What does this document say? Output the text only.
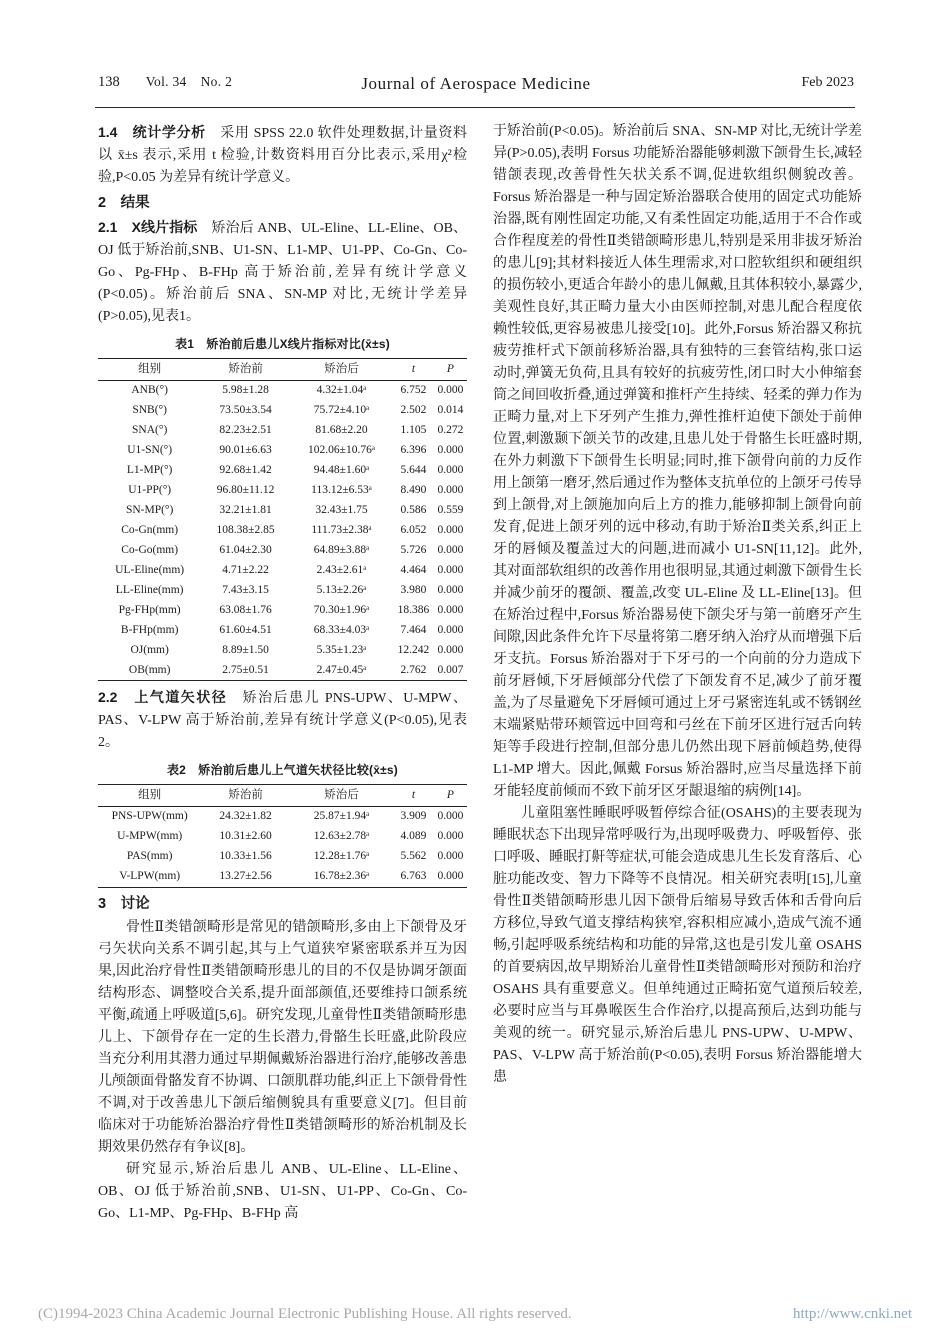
Journal of Aerospace Medicine
138 Vol. 34 No. 2	Feb 2023

1.4　统计学分析　采用 SPSS 22.0 软件处理数据,计量资料以 x̄±s 表示,采用 t 检验,计数资料用百分比表示,采用χ²检验,P<0.05 为差异有统计学意义。

2　结果

2.1　X线片指标　矫治后 ANB、UL-Eline、LL-Eline、OB、OJ 低于矫治前,SNB、U1-SN、L1-MP、U1-PP、Co-Gn、Co-Go、Pg-FHp、B-FHp 高于矫治前,差异有统计学意义(P<0.05)。矫治前后 SNA、SN-MP 对比,无统计学差异(P>0.05),见表1。

表1　矫治前后患儿X线片指标对比(x̄±s)
组别	矫治前	矫治后	t	P
ANB(°)	5.98±1.28	4.32±1.04ᵃ	6.752	0.000
SNB(°)	73.50±3.54	75.72±4.10ᵃ	2.502	0.014
SNA(°)	82.23±2.51	81.68±2.20	1.105	0.272
U1-SN(°)	90.01±6.63	102.06±10.76ᵃ	6.396	0.000
L1-MP(°)	92.68±1.42	94.48±1.60ᵃ	5.644	0.000
U1-PP(°)	96.80±11.12	113.12±6.53ᵃ	8.490	0.000
SN-MP(°)	32.21±1.81	32.43±1.75	0.586	0.559
Co-Gn(mm)	108.38±2.85	111.73±2.38ᵃ	6.052	0.000
Co-Go(mm)	61.04±2.30	64.89±3.88ᵃ	5.726	0.000
UL-Eline(mm)	4.71±2.22	2.43±2.61ᵃ	4.464	0.000
LL-Eline(mm)	7.43±3.15	5.13±2.26ᵃ	3.980	0.000
Pg-FHp(mm)	63.08±1.76	70.30±1.96ᵃ	18.386	0.000
B-FHp(mm)	61.60±4.51	68.33±4.03ᵃ	7.464	0.000
OJ(mm)	8.89±1.50	5.35±1.23ᵃ	12.242	0.000
OB(mm)	2.75±0.51	2.47±0.45ᵃ	2.762	0.007

2.2　上气道矢状径　矫治后患儿 PNS-UPW、U-MPW、PAS、V-LPW 高于矫治前,差异有统计学意义(P<0.05),见表2。

表2　矫治前后患儿上气道矢状径比较(x̄±s)
组别	矫治前	矫治后	t	P
PNS-UPW(mm)	24.32±1.82	25.87±1.94ᵃ	3.909	0.000
U-MPW(mm)	10.31±2.60	12.63±2.78ᵃ	4.089	0.000
PAS(mm)	10.33±1.56	12.28±1.76ᵃ	5.562	0.000
V-LPW(mm)	13.27±2.56	16.78±2.36ᵃ	6.763	0.000
3　讨论

骨性Ⅱ类错颌畸形是常见的错颌畸形,多由上下颌骨及牙弓矢状向关系不调引起,其与上气道狭窄紧密联系并互为因果,因此治疗骨性Ⅱ类错颌畸形患儿的目的不仅是协调牙颌面结构形态、调整咬合关系,提升面部颜值,还要维持口颌系统平衡,疏通上呼吸道[5,6]。研究发现,儿童骨性Ⅱ类错颌畸形患儿上、下颌骨存在一定的生长潜力,骨骼生长旺盛,此阶段应当充分利用其潜力通过早期佩戴矫治器进行治疗,能够改善患儿颅颌面骨骼发育不协调、口颌肌群功能,纠正上下颌骨骨性不调,对于改善患儿下颌后缩侧貌具有重要意义[7]。但目前临床对于功能矫治器治疗骨性Ⅱ类错颌畸形的矫治机制及长期效果仍然存有争议[8]。

研究显示,矫治后患儿 ANB、UL-Eline、LL-Eline、OB、OJ 低于矫治前,SNB、U1-SN、U1-PP、Co-Gn、Co-Go、L1-MP、Pg-FHp、B-FHp 高

于矫治前(P<0.05)。矫治前后 SNA、SN-MP 对比,无统计学差异(P>0.05),表明 Forsus 功能矫治器能够刺激下颌骨生长,减轻错颌表现,改善骨性矢状关系不调,促进软组织侧貌改善。Forsus 矫治器是一种与固定矫治器联合使用的固定式功能矫治器,既有刚性固定功能,又有柔性固定功能,适用于不合作或合作程度差的骨性Ⅱ类错颌畸形患儿,特别是采用非拔牙矫治的患儿[9];其材料接近人体生理需求,对口腔软组织和硬组织的损伤较小,更适合年龄小的患儿佩戴,且其体积较小,暴露少,美观性良好,其正畸力量大小由医师控制,对患儿配合程度依赖性较低,更容易被患儿接受[10]。此外,Forsus 矫治器又称抗疲劳推杆式下颌前移矫治器,具有独特的三套管结构,张口运动时,弹簧无负荷,且具有较好的抗疲劳性,闭口时大小伸缩套筒之间回收折叠,通过弹簧和推杆产生持续、轻柔的弹力作为正畸力量,对上下牙列产生推力,弹性推杆迫使下颌处于前伸位置,刺激颞下颌关节的改建,且患儿处于骨骼生长旺盛时期,在外力刺激下下颌骨生长明显;同时,推下颌骨向前的力反作用上颌第一磨牙,然后通过作为整体支抗单位的上颌牙弓传导到上颌骨,对上颌施加向后上方的推力,能够抑制上颌骨向前发育,促进上颌牙列的远中移动,有助于矫治Ⅱ类关系,纠正上牙的唇倾及覆盖过大的问题,进而减小 U1-SN[11,12]。此外,其对面部软组织的改善作用也很明显,其通过刺激下颌骨生长并减少前牙的覆颌、覆盖,改变 UL-Eline 及 LL-Eline[13]。但在矫治过程中,Forsus 矫治器易使下颌尖牙与第一前磨牙产生间隙,因此条件允许下尽量将第二磨牙纳入治疗从而增强下后牙支抗。Forsus 矫治器对于下牙弓的一个向前的分力造成下前牙唇倾,下牙唇倾部分代偿了下颌发育不足,减少了前牙覆盖,为了尽量避免下牙唇倾可通过上牙弓紧密连轧或不锈钢丝末端紧贴带环颊管远中回弯和弓丝在下前牙区进行冠舌向转矩等手段进行控制,但部分患儿仍然出现下唇前倾趋势,使得 L1-MP 增大。因此,佩戴 Forsus 矫治器时,应当尽量选择下前牙能轻度前倾而不致下前牙区牙龈退缩的病例[14]。

儿童阻塞性睡眠呼吸暂停综合征(OSAHS)的主要表现为睡眠状态下出现异常呼吸行为,出现呼吸费力、呼吸暂停、张口呼吸、睡眠打鼾等症状,可能会造成患儿生长发育落后、心脏功能改变、智力下降等不良情况。相关研究表明[15],儿童骨性Ⅱ类错颌畸形患儿因下颌骨后缩易导致舌体和舌骨向后方移位,导致气道支撑结构狭窄,容积相应减小,造成气流不通畅,引起呼吸系统结构和功能的异常,这也是引发儿童 OSAHS 的首要病因,故早期矫治儿童骨性Ⅱ类错颌畸形对预防和治疗 OSAHS 具有重要意义。但单纯通过正畸拓宽气道预后较差,必要时应当与耳鼻喉医生合作治疗,以提高预后,达到功能与美观的统一。研究显示,矫治后患儿 PNS-UPW、U-MPW、PAS、V-LPW 高于矫治前(P<0.05),表明 Forsus 矫治器能增大患

(C)1994-2023 China Academic Journal Electronic Publishing House. All rights reserved.	http://www.cnki.net
